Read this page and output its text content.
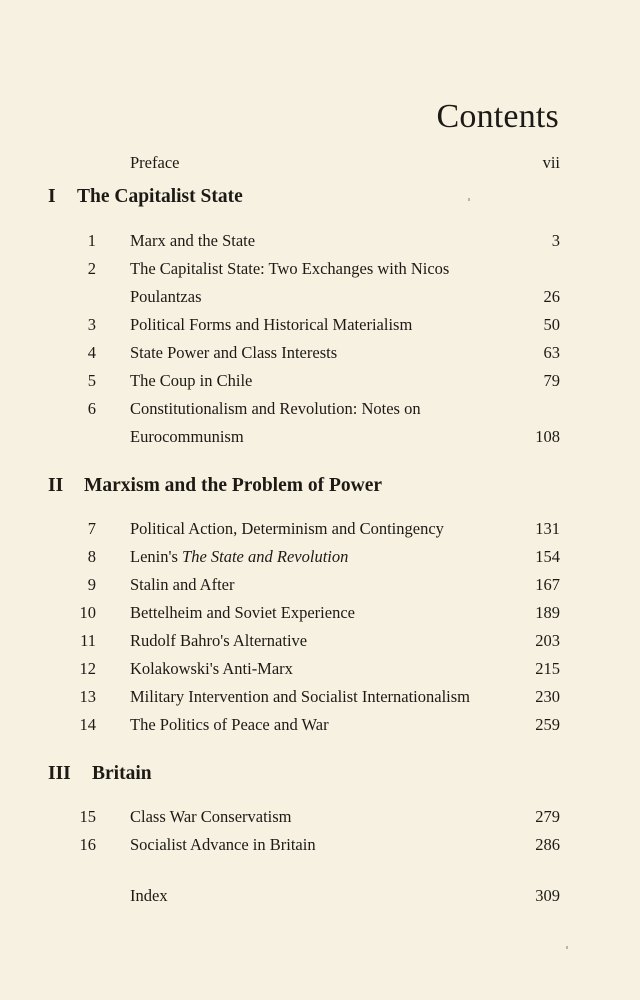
Contents
Preface	vii
I The Capitalist State
1 Marx and the State	3
2 The Capitalist State: Two Exchanges with Nicos
Poulantzas	26
3 Political Forms and Historical Materialism	50
4 State Power and Class Interests	63
5 The Coup in Chile	79
6 Constitutionalism and Revolution: Notes on
Eurocommunism	108
II Marxism and the Problem of Power
7 Political Action, Determinism and Contingency	131
8 Lenin's The State and Revolution	154
9 Stalin and After	167
10 Bettelheim and Soviet Experience	189
11 Rudolf Bahro's Alternative	203
12 Kolakowski's Anti-Marx	215
13 Military Intervention and Socialist Internationalism	230
14 The Politics of Peace and War	259
III Britain
15 Class War Conservatism	279
16 Socialist Advance in Britain	286
Index	309
